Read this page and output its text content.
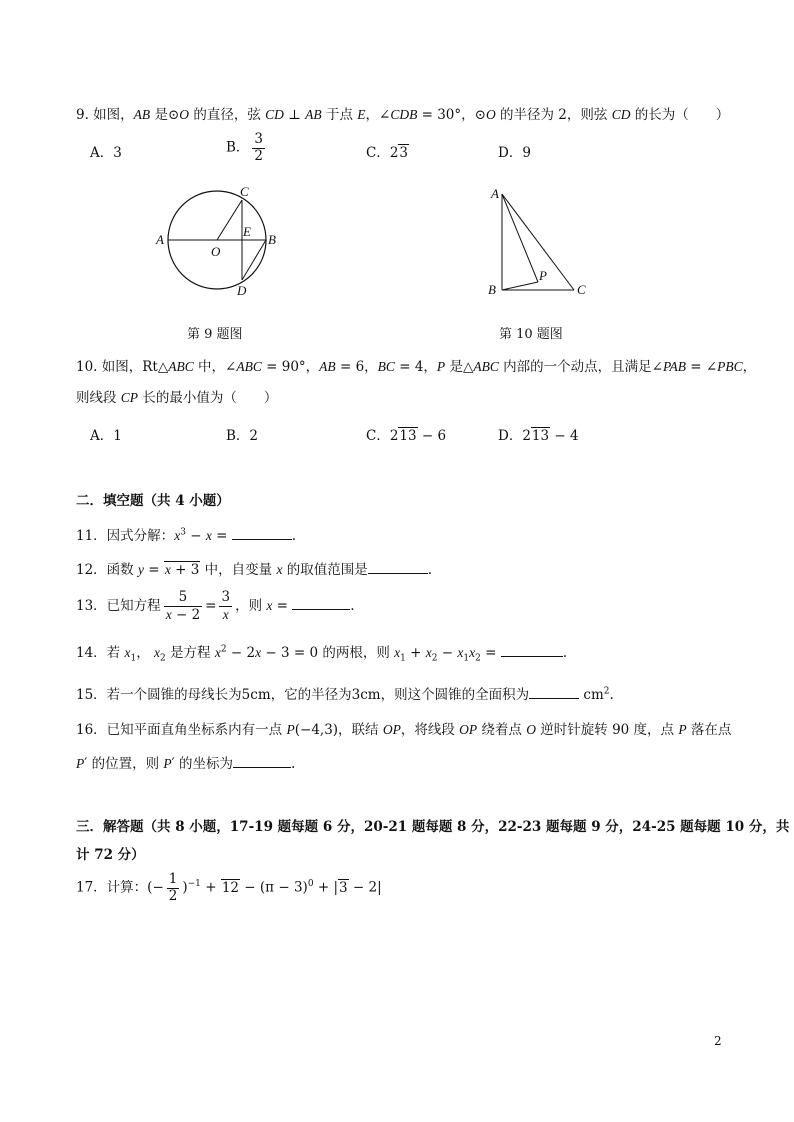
9. 如图，AB 是⊙O 的直径，弦 CD ⊥ AB 于点 E，∠CDB = 30°，⊙O 的半径为 2，则弦 CD 的长为（　　）
A．3	B． $\frac{3}{2}$	C．23	D．9
A
O
E
B
C
D
A
B	C
P
第 9 题图	第 10 题图
10. 如图，Rt△ABC 中，∠ABC = 90°，AB = 6，BC = 4，P 是△ABC 内部的一个动点，且满足∠PAB = ∠PBC，
则线段 CP 长的最小值为（　　）
A．1	B．2	C．213 − 6	D．213 − 4
二．填空题（共 4 小题）
11．因式分解：$x^3 - x$ =	.
12．函数 y = x + 3 中，自变量 x 的取值范围是	.
13．已知方程 $\frac{5}{x - 2} = \frac{3}{x}$ ，则 x =	.
14．若 $x_1$， $x_2$ 是方程 $x^2 - 2x - 3 = 0$ 的两根，则 $x_1 + x_2 - x_1x_2$ =	.
15．若一个圆锥的母线长为5cm，它的半径为3cm，则这个圆锥的全面积为	$cm^2$.
16．已知平面直角坐标系内有一点 P(−4,3)，联结 OP，将线段 OP 绕着点 O 逆时针旋转 90 度，点 P 落在点
P′ 的位置，则 P′ 的坐标为	.
三．解答题（共 8 小题，17-19 题每题 6 分，20-21 题每题 8 分，22-23 题每题 9 分，24-25 题每题 10 分，共
计 72 分）
17．计算：(− $\frac{1}{2} )^{-1} + 12 - (\pi - 3)^0 + |3 - 2|$
2
